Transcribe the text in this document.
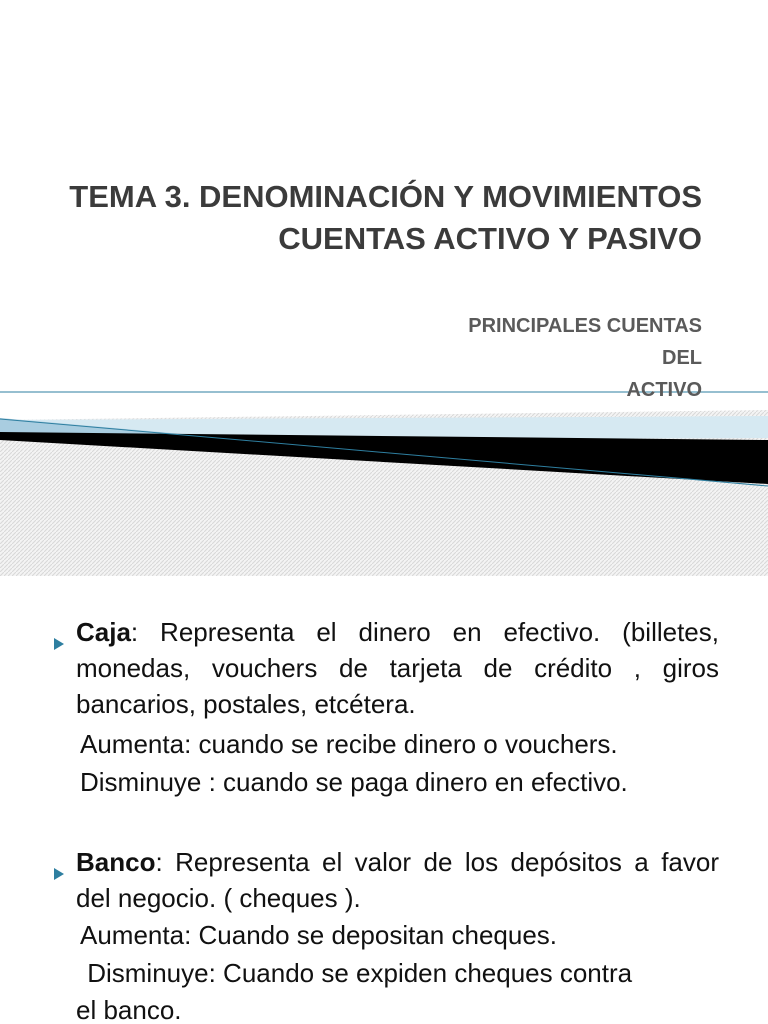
TEMA 3. DENOMINACIÓN Y MOVIMIENTOS CUENTAS ACTIVO Y PASIVO
PRINCIPALES CUENTAS
DEL
ACTIVO
Caja: Representa el dinero en efectivo. (billetes, monedas, vouchers de tarjeta de crédito , giros bancarios, postales, etcétera.
Aumenta: cuando se recibe dinero o vouchers.
Disminuye : cuando se paga dinero en efectivo.
Banco: Representa el valor de los depósitos a favor del negocio. ( cheques ).
Aumenta: Cuando se depositan cheques.
Disminuye: Cuando se expiden cheques contra
el banco.
